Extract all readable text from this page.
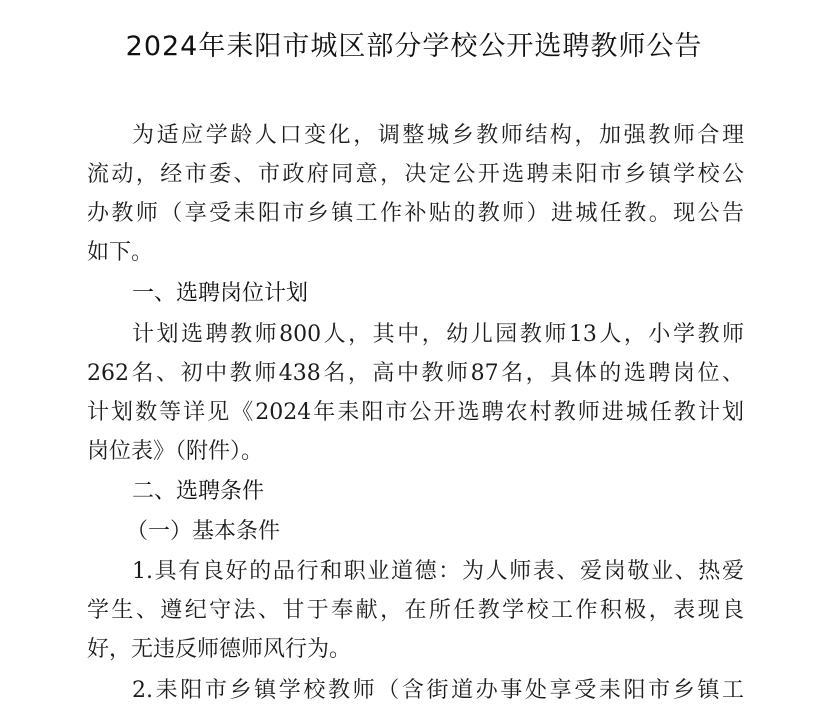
2024年耒阳市城区部分学校公开选聘教师公告

为适应学龄人口变化，调整城乡教师结构，加强教师合理

流动，经市委、市政府同意，决定公开选聘耒阳市乡镇学校公

办教师（享受耒阳市乡镇工作补贴的教师）进城任教。现公告

如下。

一、选聘岗位计划

计划选聘教师800人，其中，幼儿园教师13人，小学教师

262名、初中教师438名，高中教师87名，具体的选聘岗位、

计划数等详见《2024年耒阳市公开选聘农村教师进城任教计划

岗位表》（附件）。

二、选聘条件

（一）基本条件

1.具有良好的品行和职业道德：为人师表、爱岗敬业、热爱

学生、遵纪守法、甘于奉献，在所任教学校工作积极，表现良

好，无违反师德师风行为。

2.耒阳市乡镇学校教师（含街道办事处享受耒阳市乡镇工
